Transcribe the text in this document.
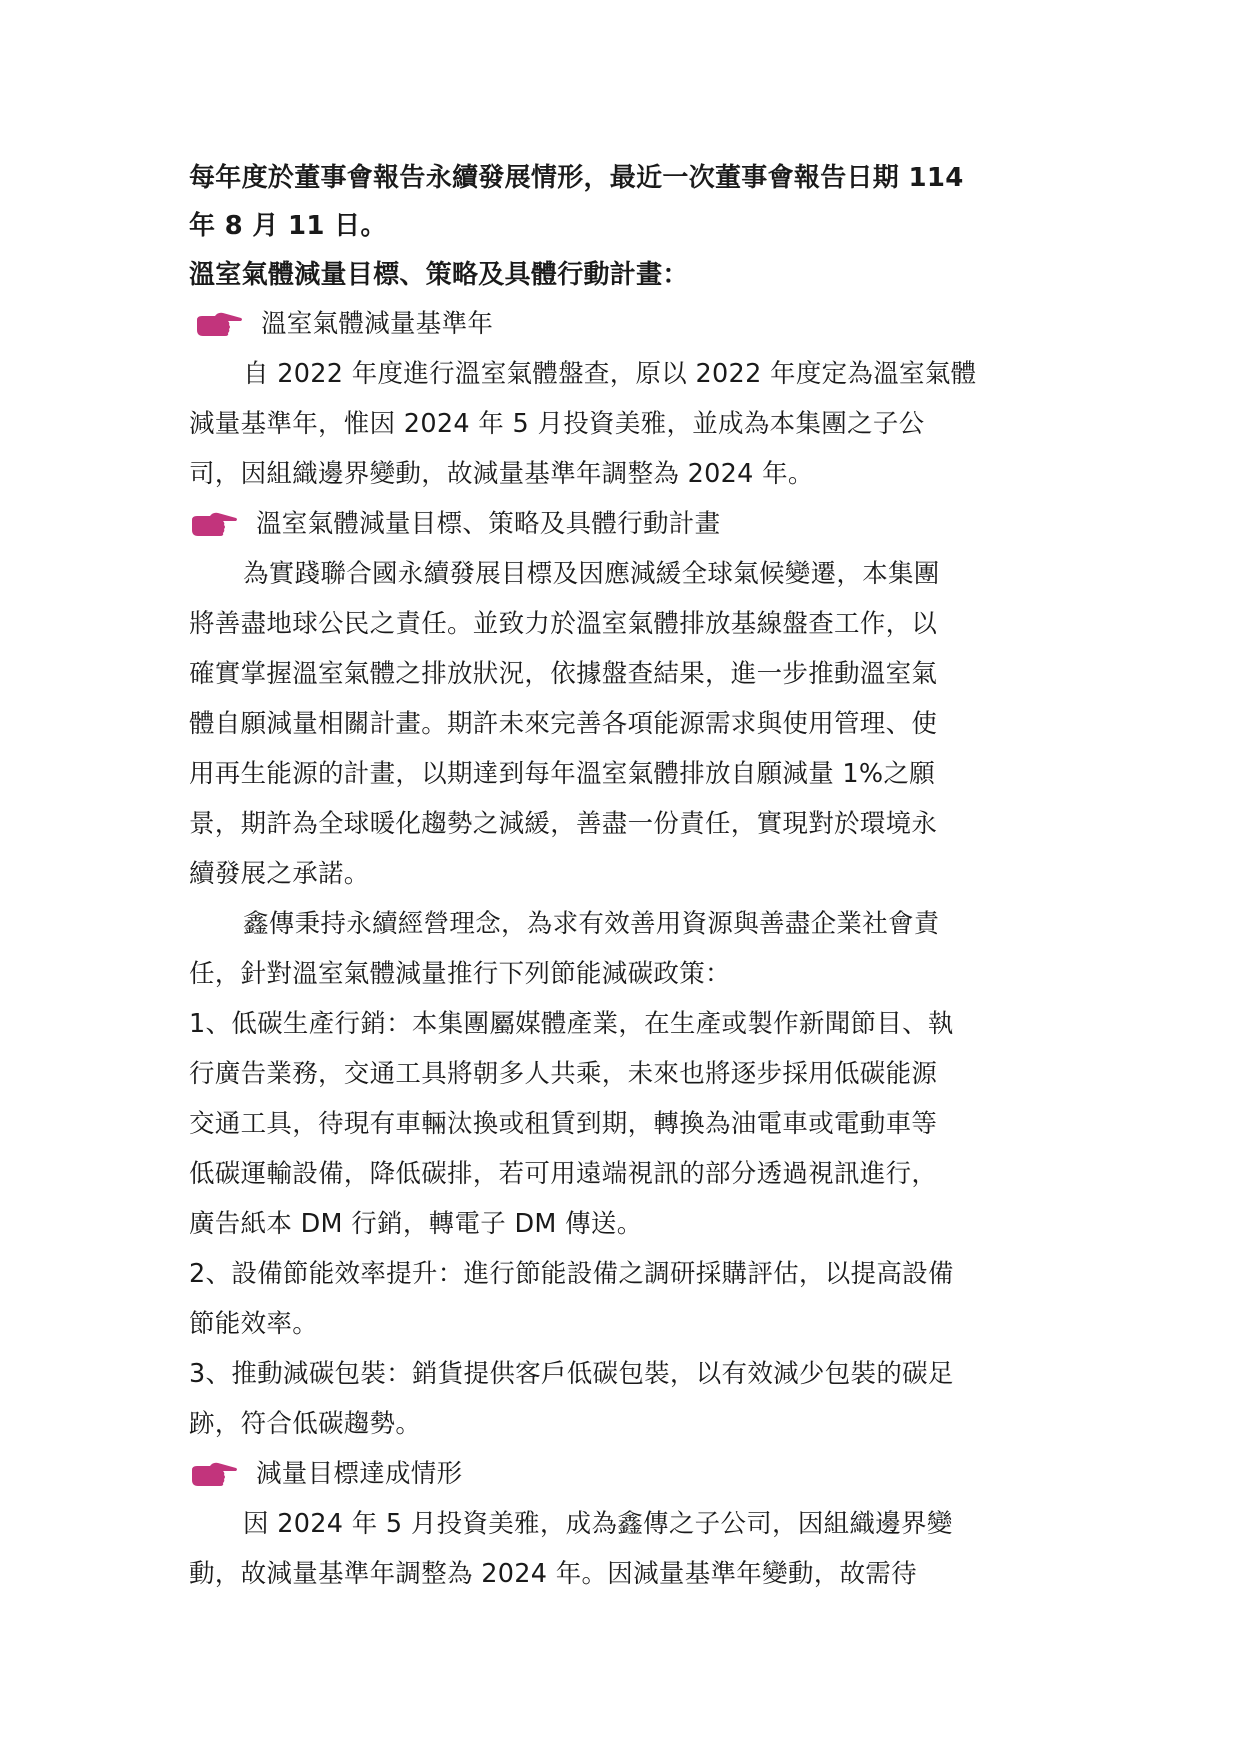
每年度於董事會報告永續發展情形，最近一次董事會報告日期 114

年 8 月 11 日。

溫室氣體減量目標、策略及具體行動計畫：

溫室氣體減量基準年

自 2022 年度進行溫室氣體盤查，原以 2022 年度定為溫室氣體

減量基準年，惟因 2024 年 5 月投資美雅，並成為本集團之子公

司，因組織邊界變動，故減量基準年調整為 2024 年。

溫室氣體減量目標、策略及具體行動計畫

為實踐聯合國永續發展目標及因應減緩全球氣候變遷，本集團

將善盡地球公民之責任。並致力於溫室氣體排放基線盤查工作，以

確實掌握溫室氣體之排放狀況，依據盤查結果，進一步推動溫室氣

體自願減量相關計畫。期許未來完善各項能源需求與使用管理、使

用再生能源的計畫，以期達到每年溫室氣體排放自願減量 1%之願

景，期許為全球暖化趨勢之減緩，善盡一份責任，實現對於環境永

續發展之承諾。

鑫傳秉持永續經營理念，為求有效善用資源與善盡企業社會責

任，針對溫室氣體減量推行下列節能減碳政策：

1、低碳生產行銷：本集團屬媒體產業，在生產或製作新聞節目、執

行廣告業務，交通工具將朝多人共乘，未來也將逐步採用低碳能源

交通工具，待現有車輛汰換或租賃到期，轉換為油電車或電動車等

低碳運輸設備，降低碳排，若可用遠端視訊的部分透過視訊進行，

廣告紙本 DM 行銷，轉電子 DM 傳送。

2、設備節能效率提升：進行節能設備之調研採購評估，以提高設備

節能效率。

3、推動減碳包裝：銷貨提供客戶低碳包裝，以有效減少包裝的碳足

跡，符合低碳趨勢。

減量目標達成情形

因 2024 年 5 月投資美雅，成為鑫傳之子公司，因組織邊界變

動，故減量基準年調整為 2024 年。因減量基準年變動，故需待
